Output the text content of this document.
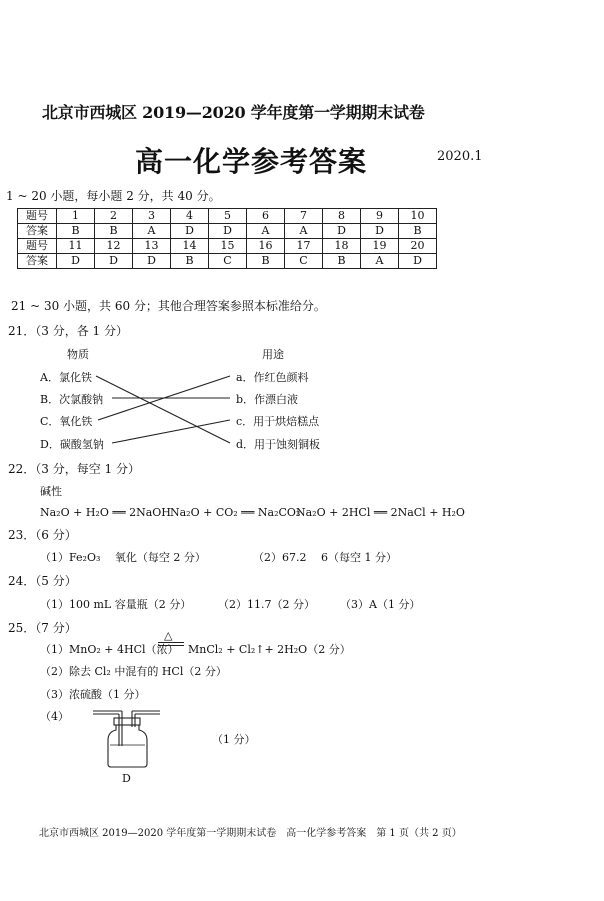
北京市西城区 2019—2020 学年度第一学期期末试卷
高一化学参考答案	2020.1
1 ~ 20 小题，每小题 2 分，共 40 分。
题号	1	2	3	4	5	6	7	8	9	10
答案	B	B	A	D	D	A	A	D	D	B
题号	11	12	13	14	15	16	17	18	19	20
答案	D	D	D	B	C	B	C	B	A	D
21 ~ 30 小题，共 60 分；其他合理答案参照本标准给分。
21．（3 分，各 1 分）
物质	用途
A．氯化铁
B．次氯酸钠
C．氧化铁
D．碳酸氢钠
a．作红色颜料
b．作漂白液
c．用于烘焙糕点
d．用于蚀刻铜板
22．（3 分，每空 1 分）
碱性
Na₂O + H₂O ══ 2NaOH Na₂O + CO₂ ══ Na₂CO₃
Na₂O + 2HCl ══ 2NaCl + H₂O
23．（6 分）
（1）Fe₂O₃　 氧化（每空 2 分）	（2）67.2　 6（每空 1 分）
24．（5 分）
（1）100 mL 容量瓶（2 分） （2）11.7（2 分） （3）A（1 分）
25．（7 分）
（1）MnO₂ + 4HCl（浓）
△
MnCl₂ + Cl₂↑+ 2H₂O（2 分）
（2）除去 Cl₂ 中混有的 HCl（2 分）
（3）浓硫酸（1 分）
（4）
D
（1 分）
北京市西城区 2019—2020 学年度第一学期期末试卷　高一化学参考答案　第 1 页（共 2 页）
